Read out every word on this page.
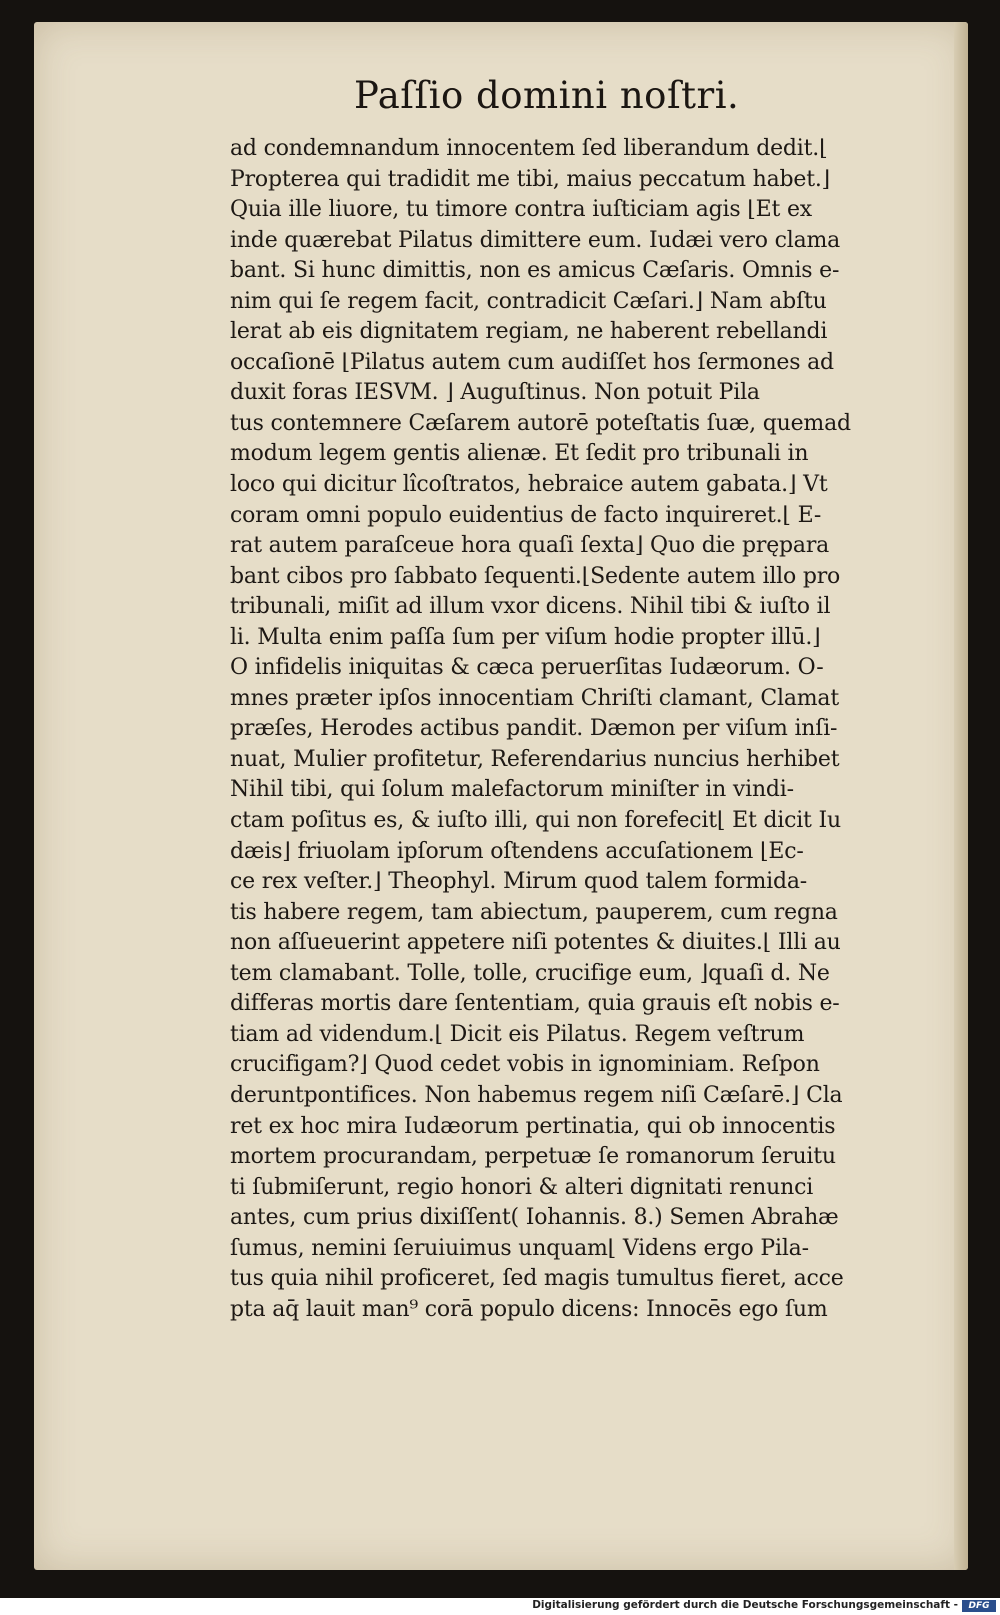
Paſſio domini noſtri.
ad condemnandum innocentem ſed liberandum dedit.⌊
Propterea qui tradidit me tibi, maius peccatum habet.⌋
Quia ille liuore, tu timore contra iuſticiam agis ⌊Et ex
inde quærebat Pilatus dimittere eum. Iudæi vero clama
bant. Si hunc dimittis, non es amicus Cæſaris. Omnis e-
nim qui ſe regem facit, contradicit Cæſari.⌋ Nam abſtu
lerat ab eis dignitatem regiam, ne haberent rebellandi
occaſionē ⌊Pilatus autem cum audiſſet hos ſermones ad
duxit foras IESVM. ⌋ Auguſtinus. Non potuit Pila
tus contemnere Cæſarem autorē poteſtatis ſuæ, quemad
modum legem gentis alienæ. Et ſedit pro tribunali in
loco qui dicitur lîcoſtratos, hebraice autem gabata.⌋ Vt
coram omni populo euidentius de facto inquireret.⌊ E-
rat autem paraſceue hora quaſi ſexta⌋ Quo die prępara
bant cibos pro ſabbato ſequenti.⌊Sedente autem illo pro
tribunali, miſit ad illum vxor dicens. Nihil tibi & iuſto il
li. Multa enim paſſa ſum per viſum hodie propter illū.⌋
O infidelis iniquitas & cæca peruerſitas Iudæorum. O-
mnes præter ipſos innocentiam Chriſti clamant, Clamat
præſes, Herodes actibus pandit. Dæmon per viſum inſi-
nuat, Mulier profitetur, Referendarius nuncius herhibet
Nihil tibi, qui ſolum malefactorum miniſter in vindi-
ctam poſitus es, & iuſto illi, qui non forefecit⌊ Et dicit Iu
dæis⌋ friuolam ipſorum oſtendens accuſationem ⌊Ec-
ce rex veſter.⌋ Theophyl. Mirum quod talem formida-
tis habere regem, tam abiectum, pauperem, cum regna
non aſſueuerint appetere niſi potentes & diuites.⌊ Illi au
tem clamabant. Tolle, tolle, crucifige eum, ⌋quaſi d. Ne
differas mortis dare ſententiam, quia grauis eſt nobis e-
tiam ad videndum.⌊ Dicit eis Pilatus. Regem veſtrum
crucifigam?⌋ Quod cedet vobis in ignominiam. Reſpon
deruntpontifices. Non habemus regem niſi Cæſarē.⌋ Cla
ret ex hoc mira Iudæorum pertinatia, qui ob innocentis
mortem procurandam, perpetuæ ſe romanorum ſeruitu
ti ſubmiſerunt, regio honori & alteri dignitati renunci
antes, cum prius dixiſſent( Iohannis. 8.) Semen Abrahæ
ſumus, nemini ſeruiuimus unquam⌊ Videns ergo Pila-
tus quia nihil proficeret, ſed magis tumultus fieret, acce
pta aq̄ lauit man⁹ corā populo dicens: Innocēs ego ſum
Digitalisierung gefördert durch die Deutsche Forschungsgemeinschaft -	DFG
